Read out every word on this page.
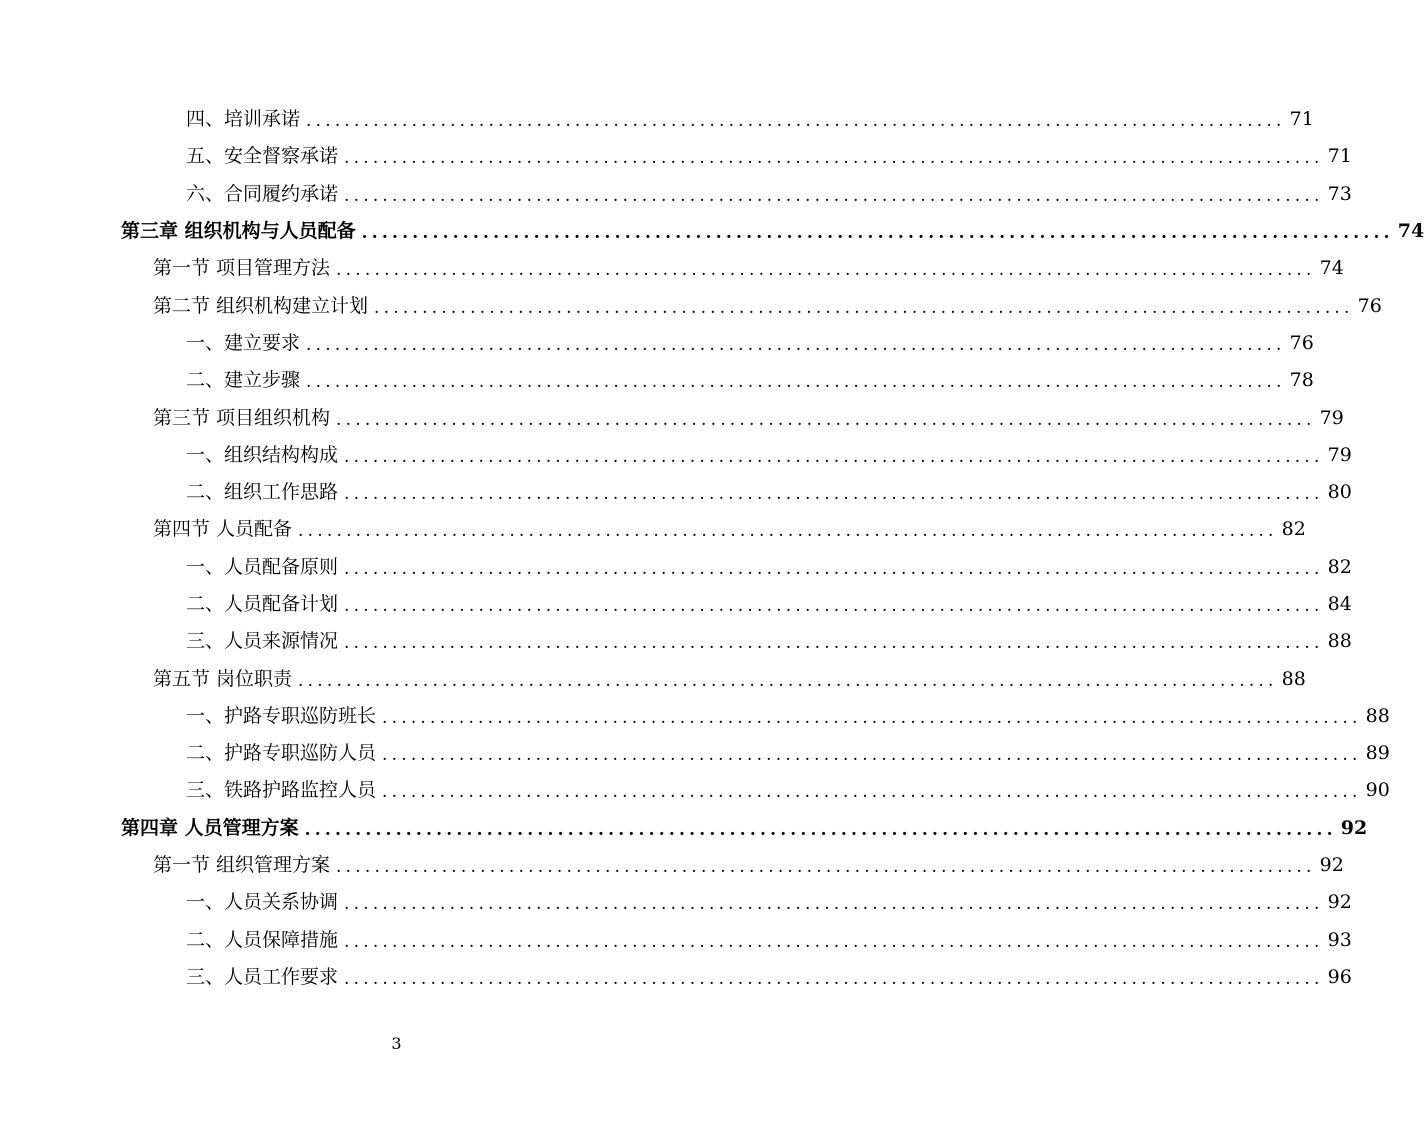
四、培训承诺 ...................................................................................................... 71
五、安全督察承诺 ...................................................................................................... 71
六、合同履约承诺 ...................................................................................................... 73
第三章 组织机构与人员配备 ...................................................................................................... 74
第一节 项目管理方法 ...................................................................................................... 74
第二节 组织机构建立计划 ...................................................................................................... 76
一、建立要求 ...................................................................................................... 76
二、建立步骤 ...................................................................................................... 78
第三节 项目组织机构 ...................................................................................................... 79
一、组织结构构成 ...................................................................................................... 79
二、组织工作思路 ...................................................................................................... 80
第四节 人员配备 ...................................................................................................... 82
一、人员配备原则 ...................................................................................................... 82
二、人员配备计划 ...................................................................................................... 84
三、人员来源情况 ...................................................................................................... 88
第五节 岗位职责 ...................................................................................................... 88
一、护路专职巡防班长 ...................................................................................................... 88
二、护路专职巡防人员 ...................................................................................................... 89
三、铁路护路监控人员 ...................................................................................................... 90
第四章 人员管理方案 ...................................................................................................... 92
第一节 组织管理方案 ...................................................................................................... 92
一、人员关系协调 ...................................................................................................... 92
二、人员保障措施 ...................................................................................................... 93
三、人员工作要求 ...................................................................................................... 96
3
